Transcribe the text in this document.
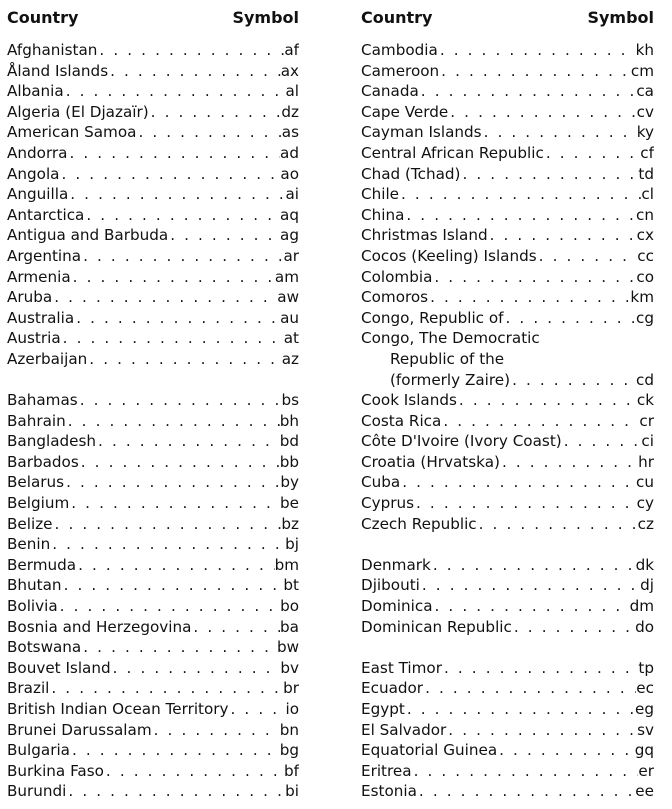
Country	Symbol
Afghanistan . . .	af
Åland Islands . . .	ax
Albania . . .	al
Algeria (El Djazaïr) . . .	dz
American Samoa . . .	as
Andorra . . .	ad
Angola . . .	ao
Anguilla . . .	ai
Antarctica . . .	aq
Antigua and Barbuda . . .	ag
Argentina . . .	ar
Armenia . . .	am
Aruba . . .	aw
Australia . . .	au
Austria . . .	at
Azerbaijan . . .	az
Bahamas . . .	bs
Bahrain . . .	bh
Bangladesh . . .	bd
Barbados . . .	bb
Belarus . . .	by
Belgium . . .	be
Belize . . .	bz
Benin . . .	bj
Bermuda . . .	bm
Bhutan . . .	bt
Bolivia . . .	bo
Bosnia and Herzegovina . . .	ba
Botswana . . .	bw
Bouvet Island . . .	bv
Brazil . . .	br
British Indian Ocean Territory . . .	io
Brunei Darussalam . . .	bn
Bulgaria . . .	bg
Burkina Faso . . .	bf
Burundi . . .	bi
Country	Symbol
Cambodia . . .	kh
Cameroon . . .	cm
Canada . . .	ca
Cape Verde . . .	cv
Cayman Islands . . .	ky
Central African Republic . . .	cf
Chad (Tchad) . . .	td
Chile . . .	cl
China . . .	cn
Christmas Island . . .	cx
Cocos (Keeling) Islands . . .	cc
Colombia . . .	co
Comoros . . .	km
Congo, Republic of . . .	cg
Congo, The Democratic
Republic of the
(formerly Zaire) . . .	cd
Cook Islands . . .	ck
Costa Rica . . .	cr
Côte D'Ivoire (Ivory Coast) . . .	ci
Croatia (Hrvatska) . . .	hr
Cuba . . .	cu
Cyprus . . .	cy
Czech Republic . . .	cz
Denmark . . .	dk
Djibouti . . .	dj
Dominica . . .	dm
Dominican Republic . . .	do
East Timor . . .	tp
Ecuador . . .	ec
Egypt . . .	eg
El Salvador . . .	sv
Equatorial Guinea . . .	gq
Eritrea . . .	er
Estonia . . .	ee
